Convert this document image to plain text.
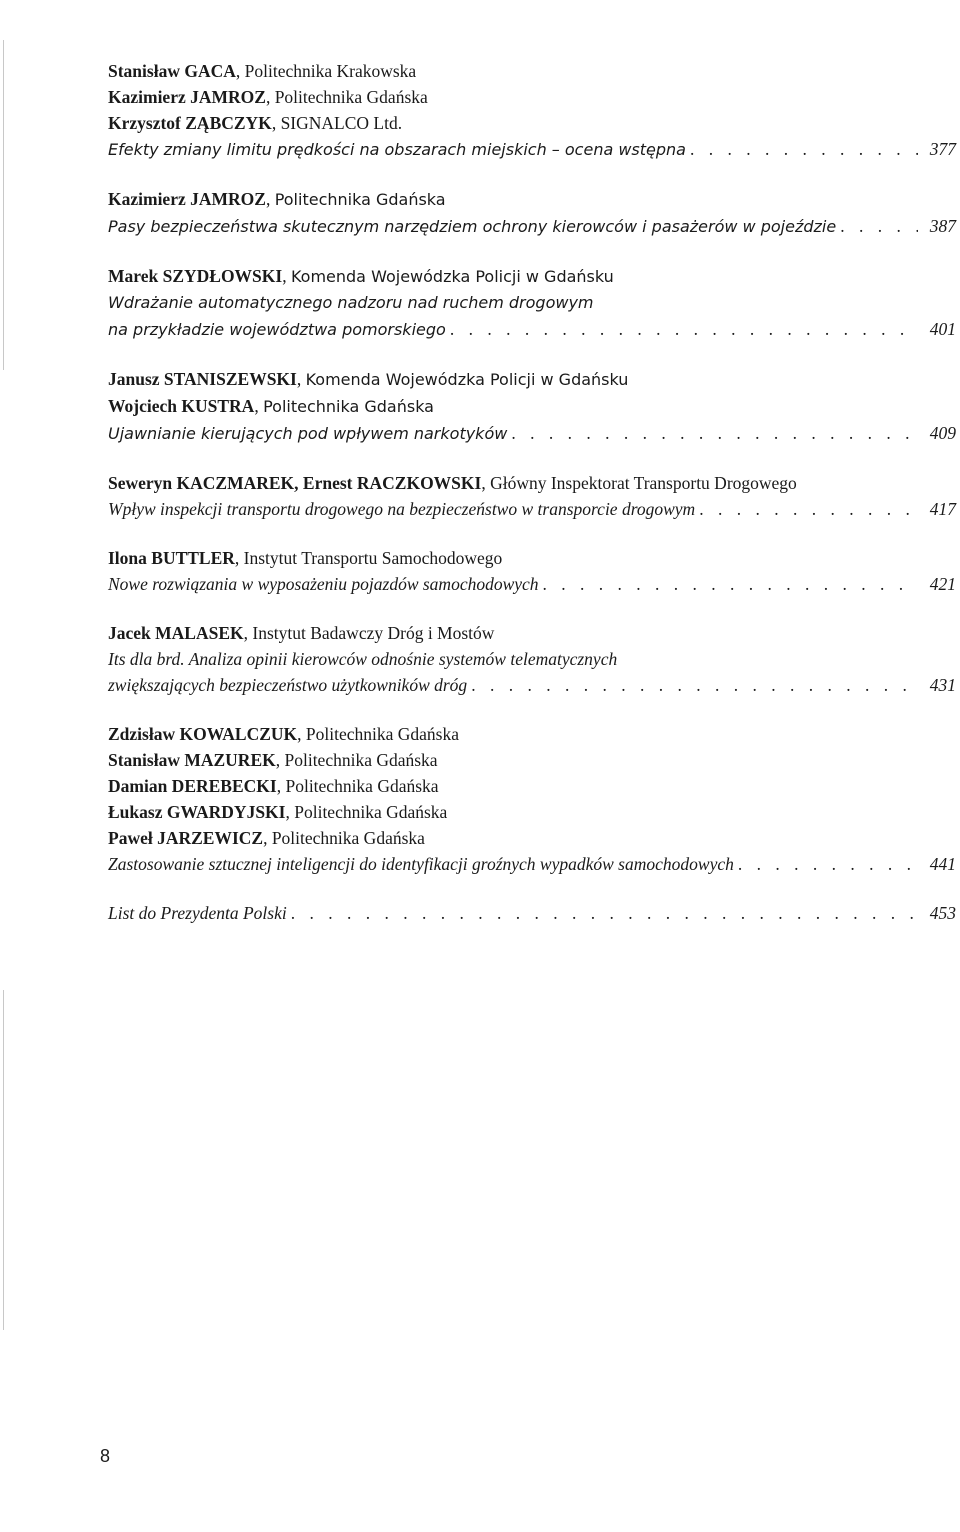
Stanisław GACA, Politechnika Krakowska
Kazimierz JAMROZ, Politechnika Gdańska
Krzysztof ZĄBCZYK, SIGNALCO Ltd.
Efekty zmiany limitu prędkości na obszarach miejskich – ocena wstępna . . .	377
Kazimierz JAMROZ, Politechnika Gdańska
Pasy bezpieczeństwa skutecznym narzędziem ochrony kierowców i pasażerów w pojeździe . . .	387
Marek SZYDŁOWSKI, Komenda Wojewódzka Policji w Gdańsku
Wdrażanie automatycznego nadzoru nad ruchem drogowym
na przykładzie województwa pomorskiego . . .	401
Janusz STANISZEWSKI, Komenda Wojewódzka Policji w Gdańsku
Wojciech KUSTRA, Politechnika Gdańska
Ujawnianie kierujących pod wpływem narkotyków . . .	409
Seweryn KACZMAREK, Ernest RACZKOWSKI, Główny Inspektorat Transportu Drogowego
Wpływ inspekcji transportu drogowego na bezpieczeństwo w transporcie drogowym . . .	417
Ilona BUTTLER, Instytut Transportu Samochodowego
Nowe rozwiązania w wyposażeniu pojazdów samochodowych . . .	421
Jacek MALASEK, Instytut Badawczy Dróg i Mostów
Its dla brd. Analiza opinii kierowców odnośnie systemów telematycznych
zwiększających bezpieczeństwo użytkowników dróg . . .	431
Zdzisław KOWALCZUK, Politechnika Gdańska
Stanisław MAZUREK, Politechnika Gdańska
Damian DEREBECKI, Politechnika Gdańska
Łukasz GWARDYJSKI, Politechnika Gdańska
Paweł JARZEWICZ, Politechnika Gdańska
Zastosowanie sztucznej inteligencji do identyfikacji groźnych wypadków samochodowych . . .	441
List do Prezydenta Polski . . .	453
8
